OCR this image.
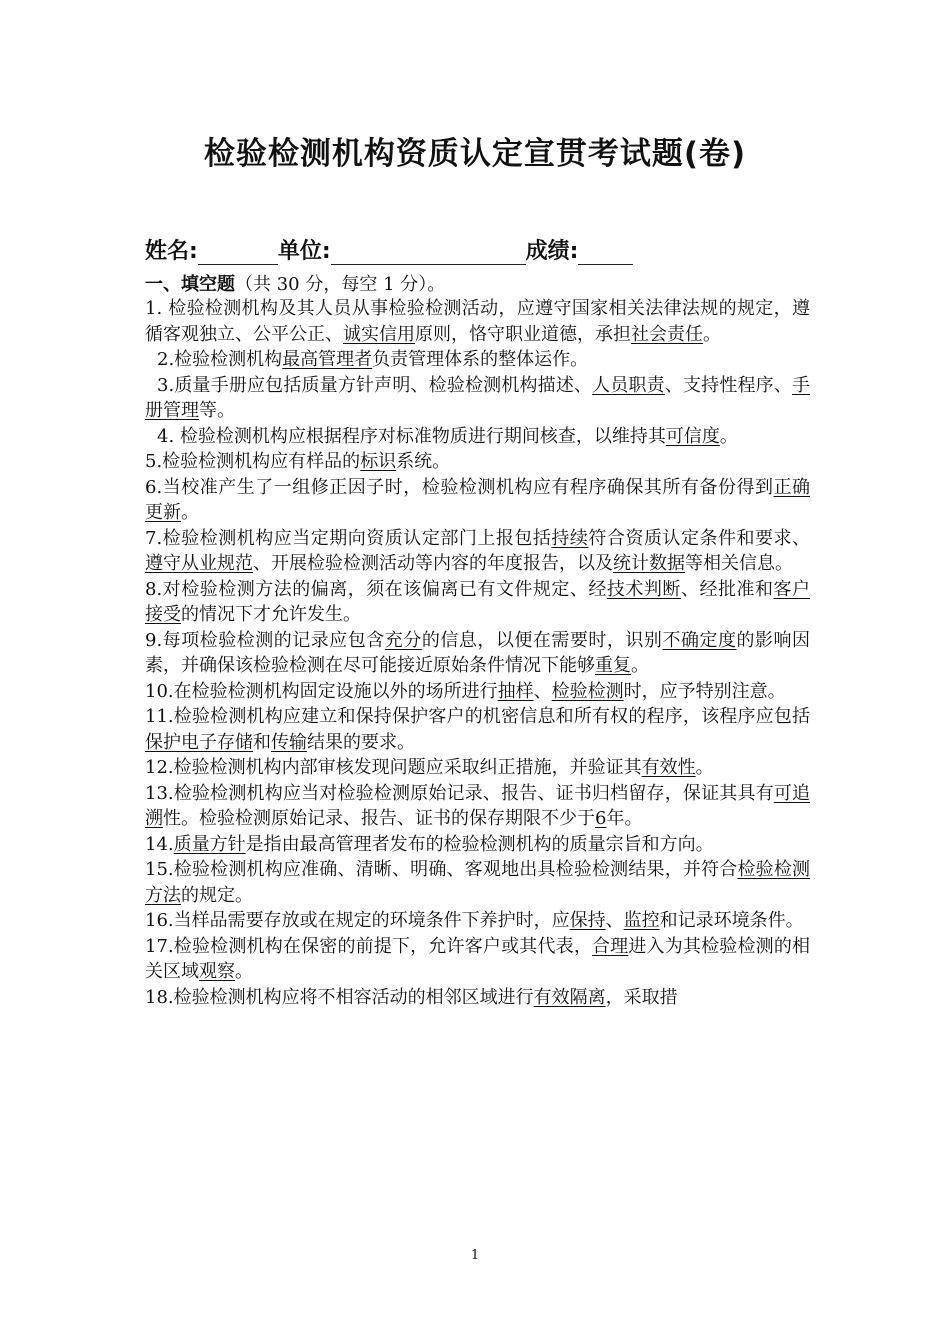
检验检测机构资质认定宣贯考试题(卷)
姓名:	单位:	成绩:
一、填空题（共 30 分，每空 1 分）。

1. 检验检测机构及其人员从事检验检测活动，应遵守国家相关法律法规的规定，遵循客观独立、公平公正、诚实信用原则，恪守职业道德，承担社会责任。

2.检验检测机构最高管理者负责管理体系的整体运作。

3.质量手册应包括质量方针声明、检验检测机构描述、人员职责、支持性程序、手册管理等。

4. 检验检测机构应根据程序对标准物质进行期间核查，以维持其可信度。

5.检验检测机构应有样品的标识系统。

6.当校准产生了一组修正因子时，检验检测机构应有程序确保其所有备份得到正确更新。

7.检验检测机构应当定期向资质认定部门上报包括持续符合资质认定条件和要求、遵守从业规范、开展检验检测活动等内容的年度报告，以及统计数据等相关信息。

8.对检验检测方法的偏离，须在该偏离已有文件规定、经技术判断、经批准和客户接受的情况下才允许发生。

9.每项检验检测的记录应包含充分的信息，以便在需要时，识别不确定度的影响因素，并确保该检验检测在尽可能接近原始条件情况下能够重复。

10.在检验检测机构固定设施以外的场所进行抽样、检验检测时，应予特别注意。

11.检验检测机构应建立和保持保护客户的机密信息和所有权的程序，该程序应包括保护电子存储和传输结果的要求。

12.检验检测机构内部审核发现问题应采取纠正措施，并验证其有效性。

13.检验检测机构应当对检验检测原始记录、报告、证书归档留存，保证其具有可追溯性。检验检测原始记录、报告、证书的保存期限不少于6年。

14.质量方针是指由最高管理者发布的检验检测机构的质量宗旨和方向。

15.检验检测机构应准确、清晰、明确、客观地出具检验检测结果，并符合检验检测方法的规定。

16.当样品需要存放或在规定的环境条件下养护时，应保持、监控和记录环境条件。

17.检验检测机构在保密的前提下，允许客户或其代表，合理进入为其检验检测的相关区域观察。

18.检验检测机构应将不相容活动的相邻区域进行有效隔离，采取措

1
